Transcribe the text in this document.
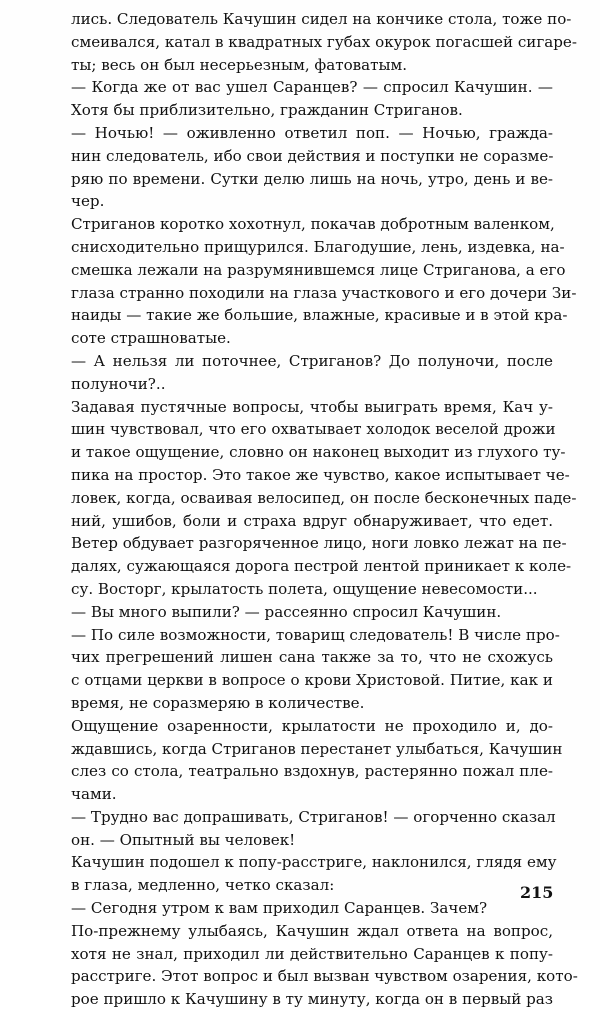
лись. Следователь Качушин сидел на кончике стола, тоже по-
смеивался, катал в квадратных губах окурок погасшей сигаре-
ты; весь он был несерьезным, фатоватым.
— Когда же от вас ушел Саранцев? — спросил Качушин. —
Хотя бы приблизительно, гражданин Стриганов.
— Ночью! — оживленно ответил поп. — Ночью, гражда-
нин следователь, ибо свои действия и поступки не соразме-
ряю по времени. Сутки делю лишь на ночь, утро, день и ве-
чер.
Стриганов коротко хохотнул, покачав добротным валенком,
снисходительно прищурился. Благодушие, лень, издевка, на-
смешка лежали на разрумянившемся лице Стриганова, а его
глаза странно походили на глаза участкового и его дочери Зи-
наиды — такие же большие, влажные, красивые и в этой кра-
соте страшноватые.
— А нельзя ли поточнее, Стриганов? До полуночи, после
полуночи?..
Задавая пустячные вопросы, чтобы выиграть время, Кач у-
шин чувствовал, что его охватывает холодок веселой дрожи
и такое ощущение, словно он наконец выходит из глухого ту-
пика на простор. Это такое же чувство, какое испытывает че-
ловек, когда, осваивая велосипед, он после бесконечных паде-
ний, ушибов, боли и страха вдруг обнаруживает, что едет.
Ветер обдувает разгоряченное лицо, ноги ловко лежат на пе-
далях, сужающаяся дорога пестрой лентой приникает к коле-
су. Восторг, крылатость полета, ощущение невесомости...
— Вы много выпили? — рассеянно спросил Качушин.
— По силе возможности, товарищ следователь! В числе про-
чих прегрешений лишен сана также за то, что не схожусь
с отцами церкви в вопросе о крови Христовой. Питие, как и
время, не соразмеряю в количестве.
Ощущение озаренности, крылатости не проходило и, до-
ждавшись, когда Стриганов перестанет улыбаться, Качушин
слез со стола, театрально вздохнув, растерянно пожал пле-
чами.
— Трудно вас допрашивать, Стриганов! — огорченно сказал
он. — Опытный вы человек!
Качушин подошел к попу-расстриге, наклонился, глядя ему
в глаза, медленно, четко сказал:
— Сегодня утром к вам приходил Саранцев. Зачем?
По-прежнему улыбаясь, Качушин ждал ответа на вопрос,
хотя не знал, приходил ли действительно Саранцев к попу-
расстриге. Этот вопрос и был вызван чувством озарения, кото-
рое пришло к Качушину в ту минуту, когда он в первый раз
215
